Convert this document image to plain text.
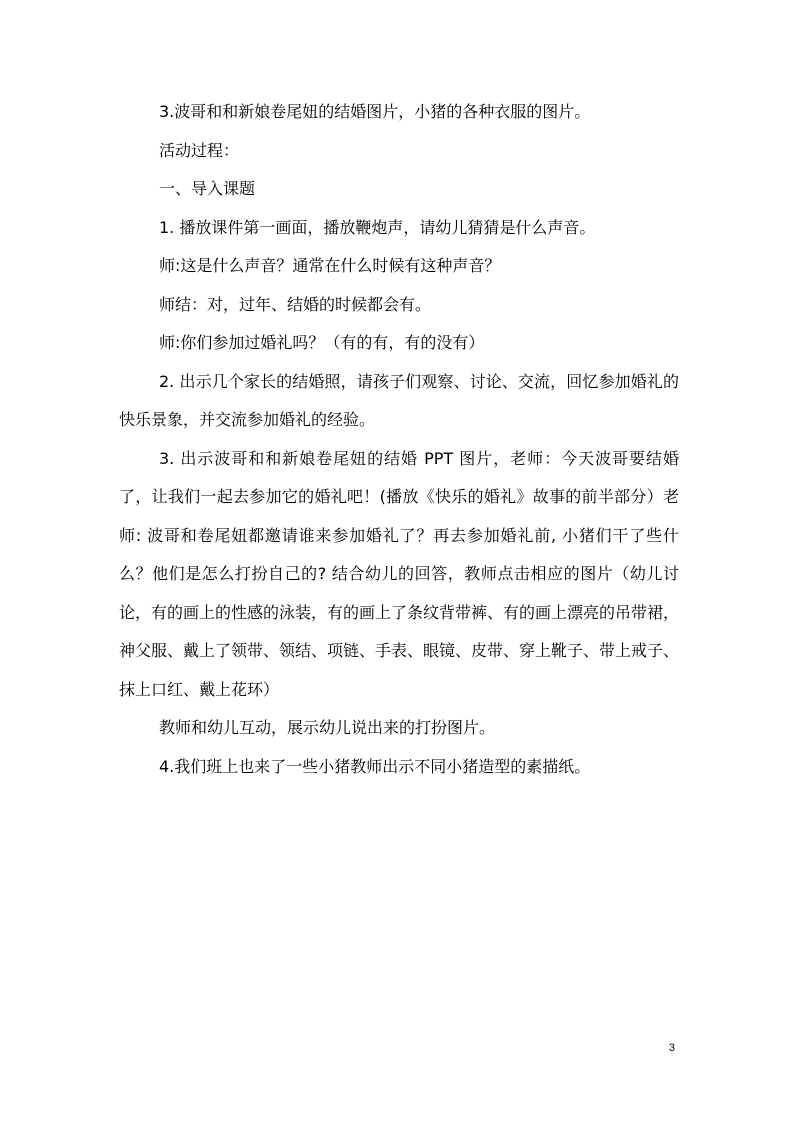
3.波哥和和新娘卷尾妞的结婚图片，小猪的各种衣服的图片。

活动过程：

一、导入课题

1. 播放课件第一画面，播放鞭炮声，请幼儿猜猜是什么声音。

师:这是什么声音？通常在什么时候有这种声音？

师结：对，过年、结婚的时候都会有。

师:你们参加过婚礼吗？（有的有，有的没有）

2. 出示几个家长的结婚照，请孩子们观察、讨论、交流，回忆参加婚礼的快乐景象，并交流参加婚礼的经验。

3. 出示波哥和和新娘卷尾妞的结婚 PPT 图片，老师：今天波哥要结婚了，让我们一起去参加它的婚礼吧！(播放《快乐的婚礼》故事的前半部分）老师: 波哥和卷尾妞都邀请谁来参加婚礼了？再去参加婚礼前, 小猪们干了些什么？他们是怎么打扮自己的? 结合幼儿的回答，教师点击相应的图片（幼儿讨论，有的画上的性感的泳装，有的画上了条纹背带裤、有的画上漂亮的吊带裙，神父服、戴上了领带、领结、项链、手表、眼镜、皮带、穿上靴子、带上戒子、抹上口红、戴上花环）

教师和幼儿互动，展示幼儿说出来的打扮图片。

4.我们班上也来了一些小猪教师出示不同小猪造型的素描纸。

3
